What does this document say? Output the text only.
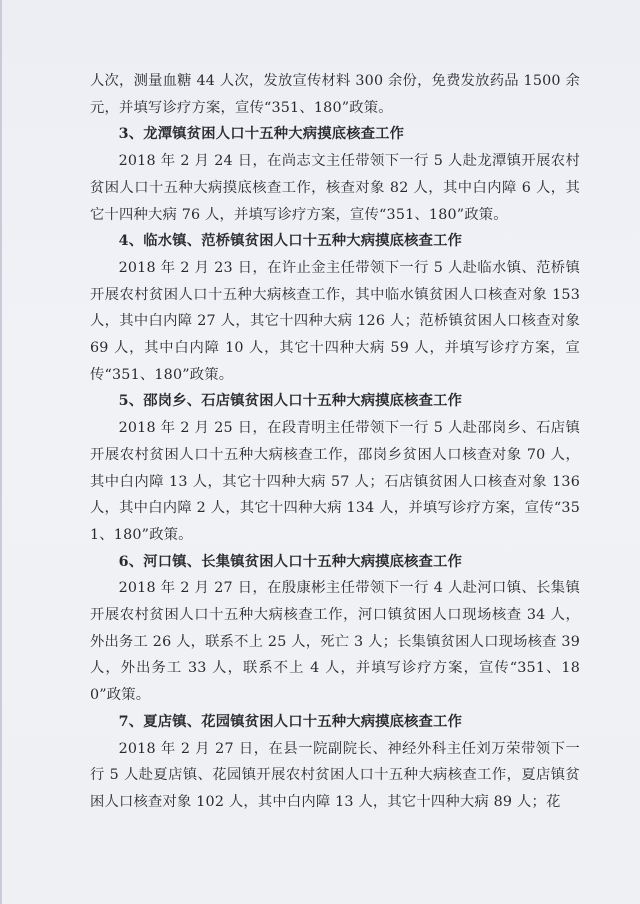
人次，测量血糖 44 人次，发放宣传材料 300 余份，免费发放药品 1500 余元，并填写诊疗方案，宣传“351、180”政策。

3、龙潭镇贫困人口十五种大病摸底核查工作

2018 年 2 月 24 日，在尚志文主任带领下一行 5 人赴龙潭镇开展农村贫困人口十五种大病摸底核查工作，核查对象 82 人，其中白内障 6 人，其它十四种大病 76 人，并填写诊疗方案，宣传“351、180”政策。

4、临水镇、范桥镇贫困人口十五种大病摸底核查工作

2018 年 2 月 23 日，在许止金主任带领下一行 5 人赴临水镇、范桥镇开展农村贫困人口十五种大病核查工作，其中临水镇贫困人口核查对象 153 人，其中白内障 27 人，其它十四种大病 126 人；范桥镇贫困人口核查对象 69 人，其中白内障 10 人，其它十四种大病 59 人，并填写诊疗方案，宣传“351、180”政策。

5、邵岗乡、石店镇贫困人口十五种大病摸底核查工作

2018 年 2 月 25 日，在段青明主任带领下一行 5 人赴邵岗乡、石店镇开展农村贫困人口十五种大病核查工作，邵岗乡贫困人口核查对象 70 人，其中白内障 13 人，其它十四种大病 57 人；石店镇贫困人口核查对象 136 人，其中白内障 2 人，其它十四种大病 134 人，并填写诊疗方案，宣传“351、180”政策。

6、河口镇、长集镇贫困人口十五种大病摸底核查工作

2018 年 2 月 27 日，在殷康彬主任带领下一行 4 人赴河口镇、长集镇开展农村贫困人口十五种大病核查工作，河口镇贫困人口现场核查 34 人，外出务工 26 人，联系不上 25 人，死亡 3 人；长集镇贫困人口现场核查 39 人，外出务工 33 人，联系不上 4 人，并填写诊疗方案，宣传“351、180”政策。

7、夏店镇、花园镇贫困人口十五种大病摸底核查工作

2018 年 2 月 27 日，在县一院副院长、神经外科主任刘万荣带领下一行 5 人赴夏店镇、花园镇开展农村贫困人口十五种大病核查工作，夏店镇贫困人口核查对象 102 人，其中白内障 13 人，其它十四种大病 89 人；花
